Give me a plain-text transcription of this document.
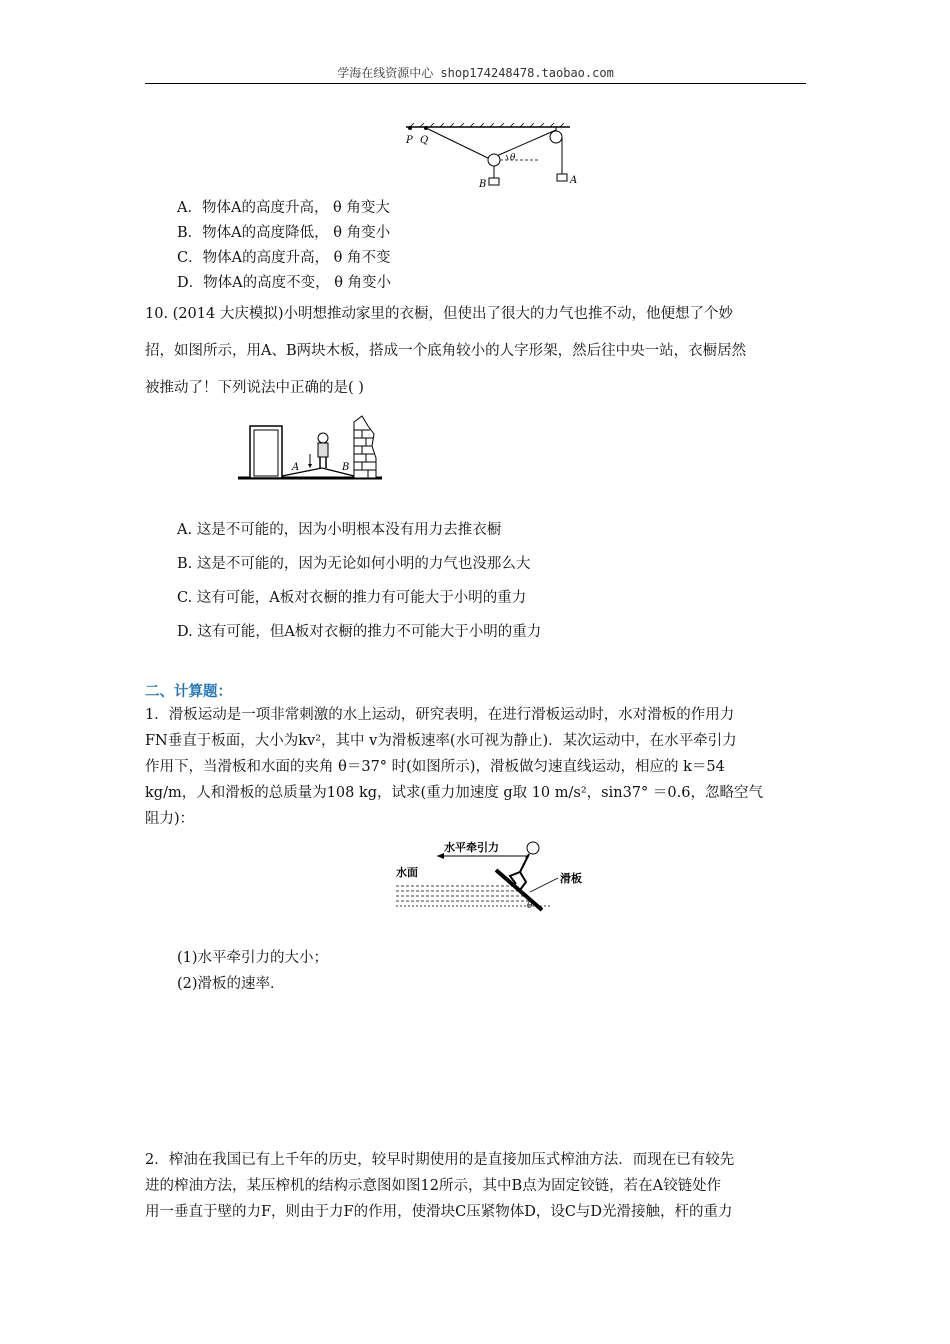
学海在线资源中心 shop174248478.taobao.com
P Q
B	A
θ
A．物体A的高度升高， θ 角变大
B．物体A的高度降低， θ 角变小
C．物体A的高度升高， θ 角不变
D．物体A的高度不变， θ 角变小
10. (2014 大庆模拟)小明想推动家里的衣橱，但使出了很大的力气也推不动，他便想了个妙
招，如图所示，用A、B两块木板，搭成一个底角较小的人字形架，然后往中央一站，衣橱居然
被推动了！下列说法中正确的是( )
A	B
A. 这是不可能的，因为小明根本没有用力去推衣橱
B. 这是不可能的，因为无论如何小明的力气也没那么大
C. 这有可能，A板对衣橱的推力有可能大于小明的重力
D. 这有可能，但A板对衣橱的推力不可能大于小明的重力
二、计算题：
1．滑板运动是一项非常刺激的水上运动，研究表明，在进行滑板运动时，水对滑板的作用力
FN垂直于板面，大小为kv²，其中 v为滑板速率(水可视为静止)．某次运动中，在水平牵引力
作用下，当滑板和水面的夹角 θ＝37° 时(如图所示)，滑板做匀速直线运动，相应的 k＝54
kg/m，人和滑板的总质量为108 kg，试求(重力加速度 g取 10 m/s²，sin37° ＝0.6，忽略空气
阻力)：
水平牵引力
水面	滑板
θ
(1)水平牵引力的大小；
(2)滑板的速率．
2．榨油在我国已有上千年的历史，较早时期使用的是直接加压式榨油方法．而现在已有较先
进的榨油方法，某压榨机的结构示意图如图12所示，其中B点为固定铰链，若在A铰链处作
用一垂直于壁的力F，则由于力F的作用，使滑块C压紧物体D，设C与D光滑接触，杆的重力
